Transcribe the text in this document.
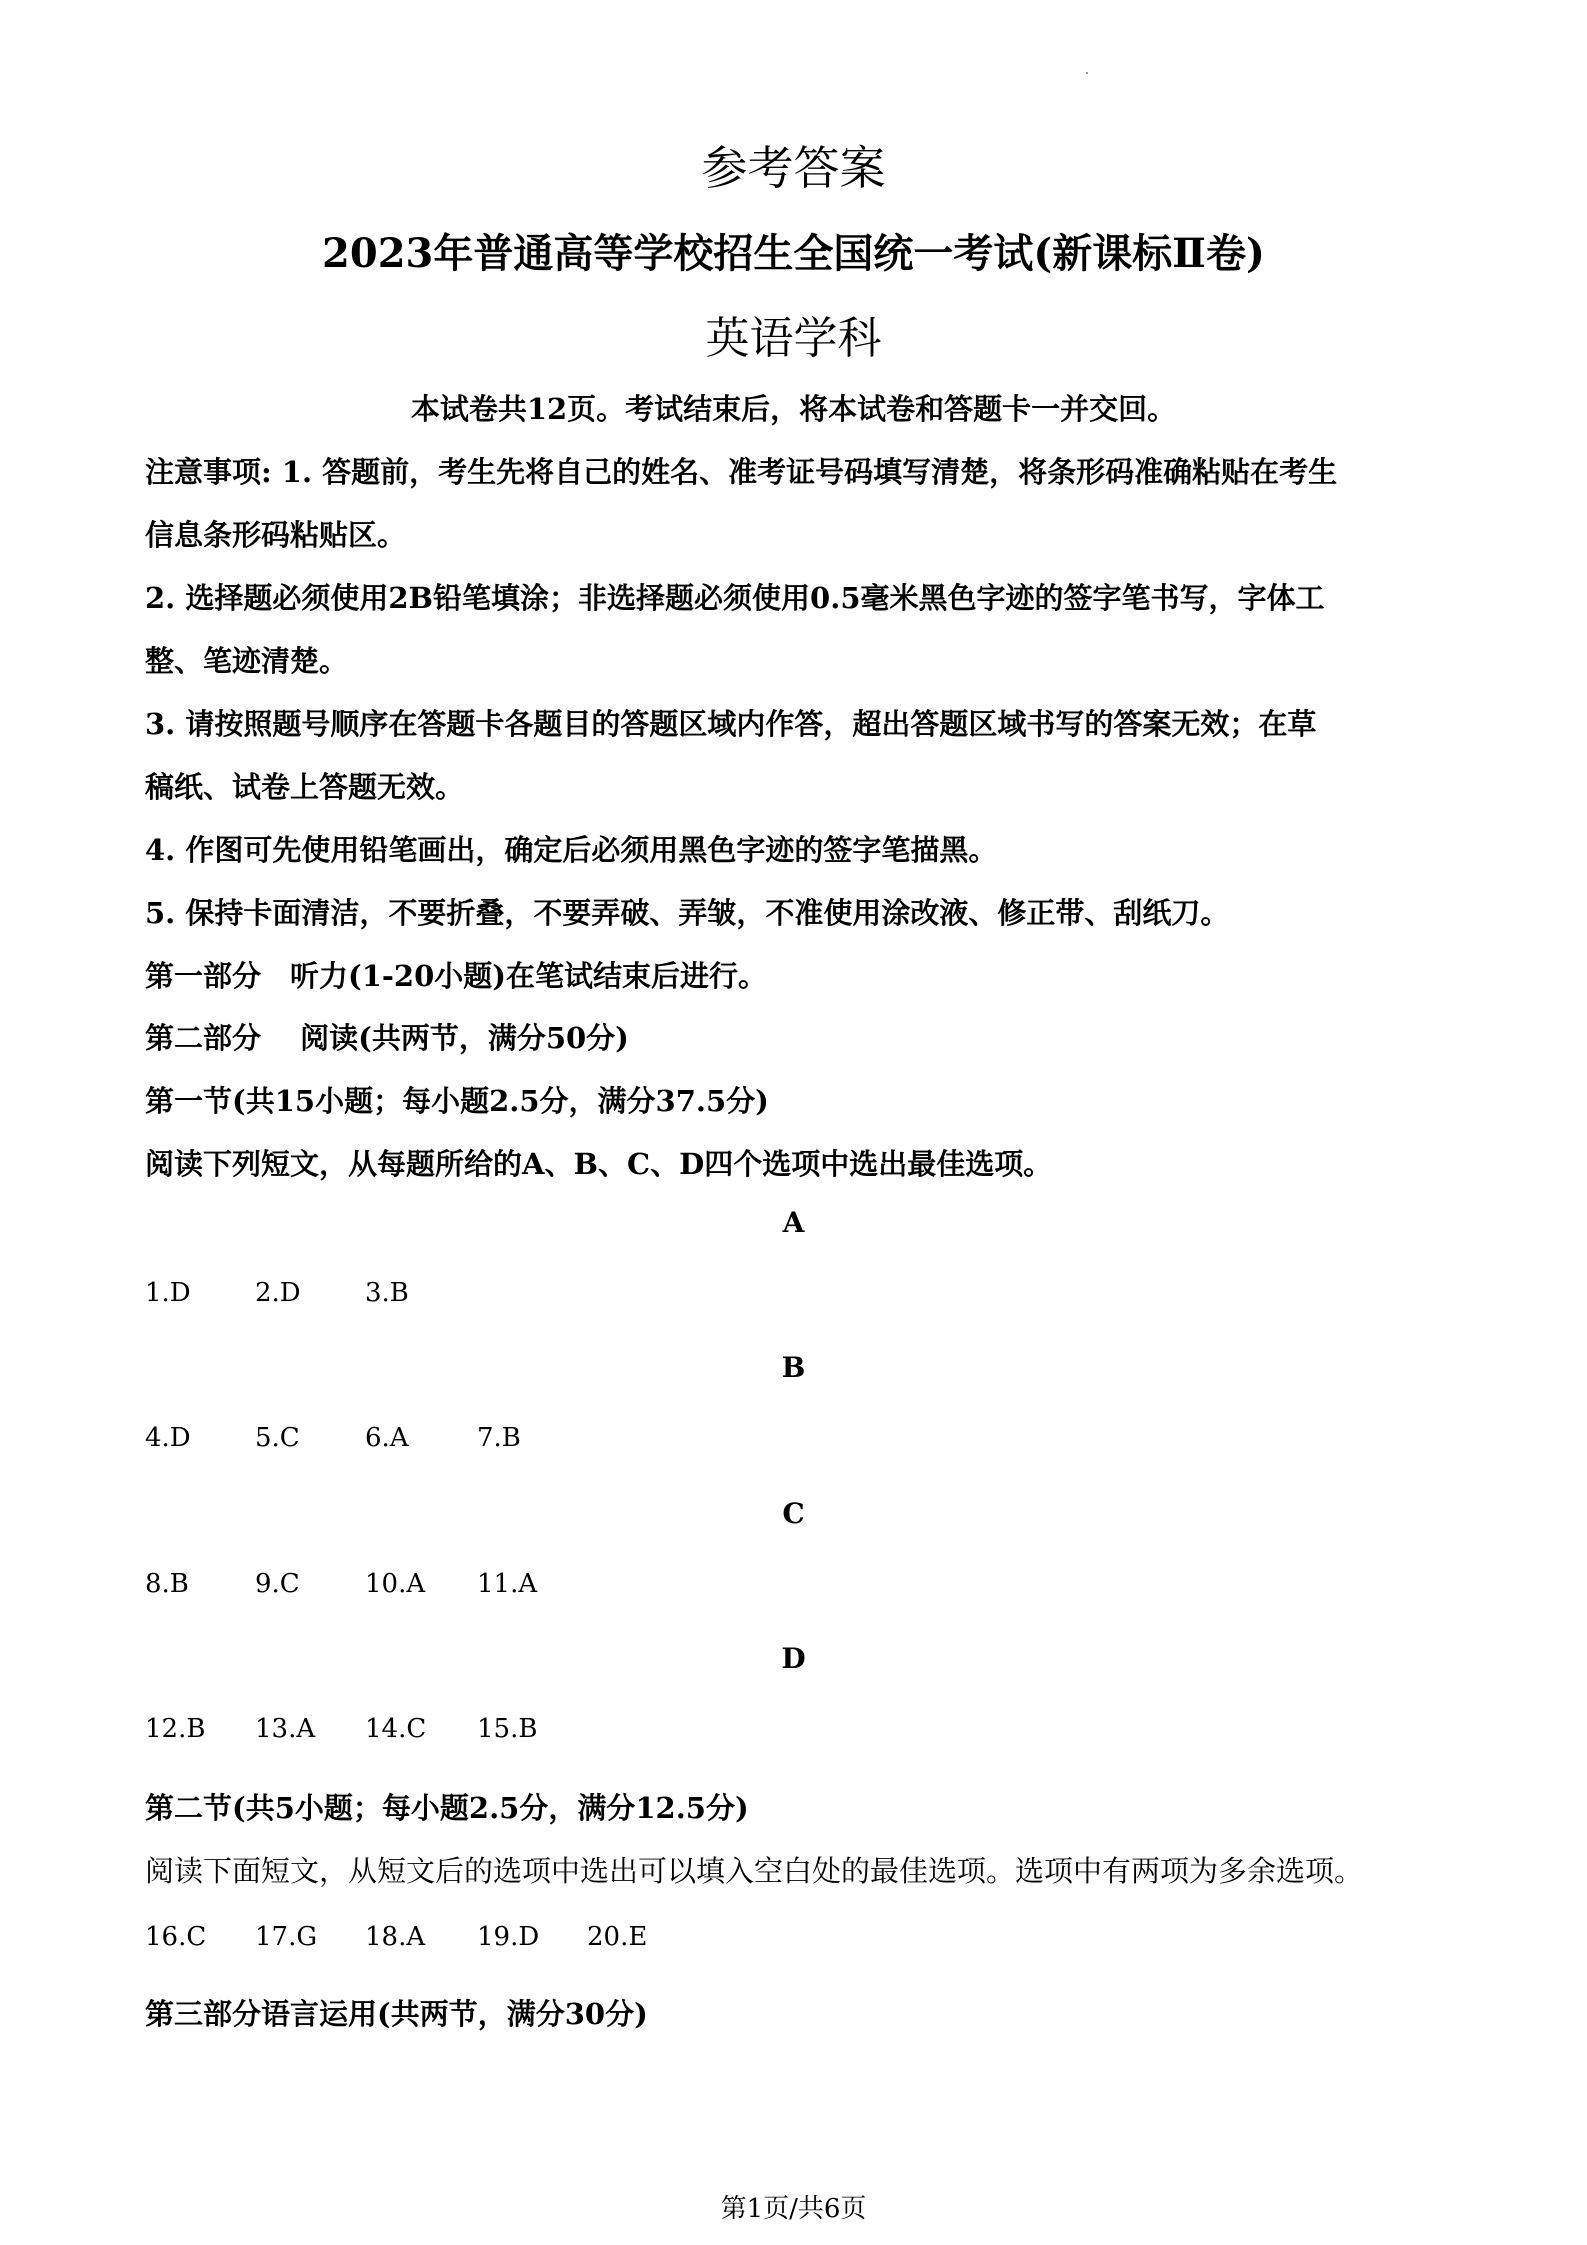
参考答案
2023年普通高等学校招生全国统一考试(新课标Ⅱ卷)
英语学科
本试卷共12页。考试结束后，将本试卷和答题卡一并交回。
注意事项: 1. 答题前，考生先将自己的姓名、准考证号码填写清楚，将条形码准确粘贴在考生
信息条形码粘贴区。
2. 选择题必须使用2B铅笔填涂；非选择题必须使用0.5毫米黑色字迹的签字笔书写，字体工
整、笔迹清楚。
3. 请按照题号顺序在答题卡各题目的答题区域内作答，超出答题区域书写的答案无效；在草
稿纸、试卷上答题无效。
4. 作图可先使用铅笔画出，确定后必须用黑色字迹的签字笔描黑。
5. 保持卡面清洁，不要折叠，不要弄破、弄皱，不准使用涂改液、修正带、刮纸刀。
第一部分　听力(1-20小题)在笔试结束后进行。
第二部分　 阅读(共两节，满分50分)
第一节(共15小题；每小题2.5分，满分37.5分)
阅读下列短文，从每题所给的A、B、C、D四个选项中选出最佳选项。
A
1.D 2.D 3.B
B
4.D 5.C	6.A	7.B
C
8.B	9.C	10.A 11.A
D
12.B 13.A 14.C 15.B
第二节(共5小题；每小题2.5分，满分12.5分)
阅读下面短文，从短文后的选项中选出可以填入空白处的最佳选项。选项中有两项为多余选项。
16.C 17.G 18.A 19.D 20.E
第三部分语言运用(共两节，满分30分)
第1页/共6页
